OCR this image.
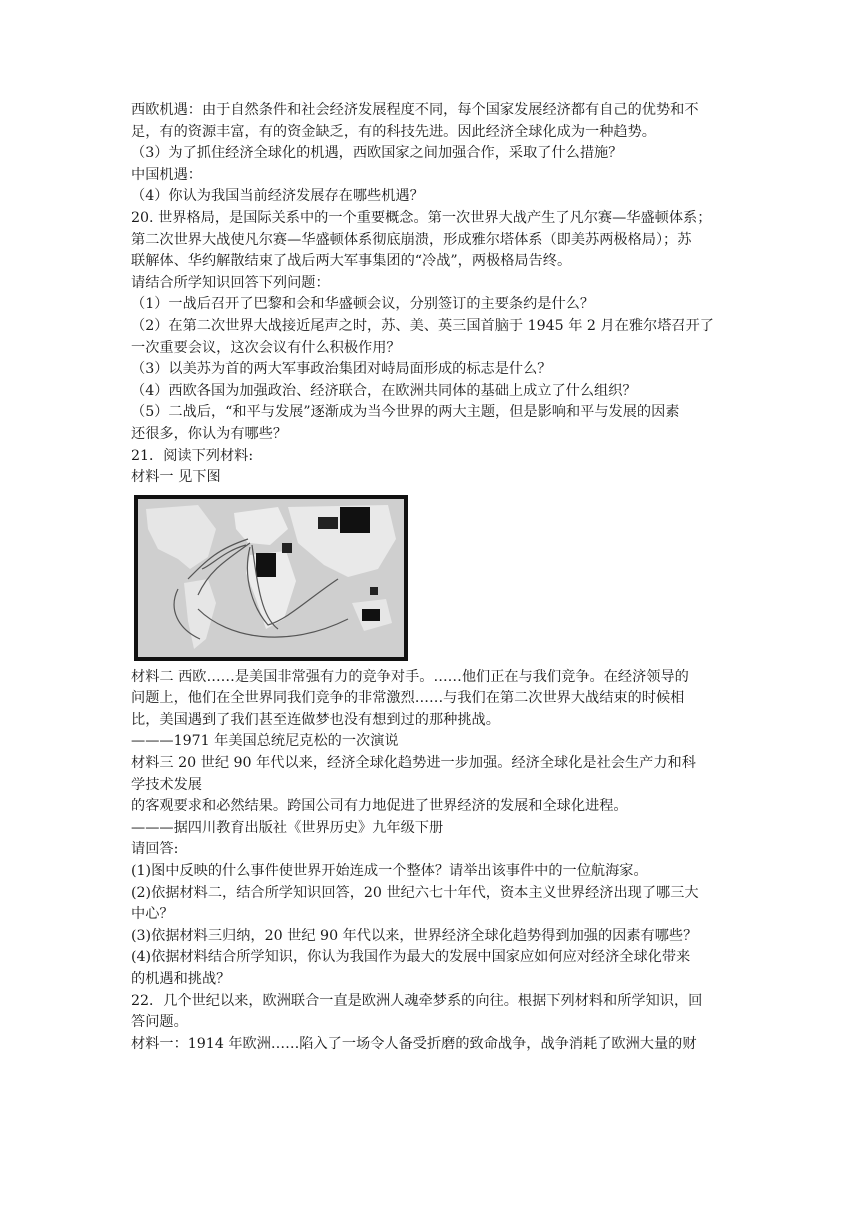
西欧机遇：由于自然条件和社会经济发展程度不同，每个国家发展经济都有自己的优势和不
足，有的资源丰富，有的资金缺乏，有的科技先进。因此经济全球化成为一种趋势。
（3）为了抓住经济全球化的机遇，西欧国家之间加强合作，采取了什么措施？
中国机遇：
（4）你认为我国当前经济发展存在哪些机遇？
20. 世界格局，是国际关系中的一个重要概念。第一次世界大战产生了凡尔赛—华盛顿体系；
第二次世界大战使凡尔赛—华盛顿体系彻底崩溃，形成雅尔塔体系（即美苏两极格局）；苏
联解体、华约解散结束了战后两大军事集团的“冷战”，两极格局告终。
请结合所学知识回答下列问题：
（1）一战后召开了巴黎和会和华盛顿会议，分别签订的主要条约是什么？
（2）在第二次世界大战接近尾声之时，苏、美、英三国首脑于 1945 年 2 月在雅尔塔召开了
一次重要会议，这次会议有什么积极作用？
（3）以美苏为首的两大军事政治集团对峙局面形成的标志是什么？
（4）西欧各国为加强政治、经济联合，在欧洲共同体的基础上成立了什么组织？
（5）二战后，“和平与发展”逐渐成为当今世界的两大主题，但是影响和平与发展的因素
还很多，你认为有哪些？
21．阅读下列材料:
材料一 见下图
材料二 西欧……是美国非常强有力的竞争对手。……他们正在与我们竞争。在经济领导的
问题上，他们在全世界同我们竞争的非常激烈……与我们在第二次世界大战结束的时候相
比，美国遇到了我们甚至连做梦也没有想到过的那种挑战。
———1971 年美国总统尼克松的一次演说
材料三 20 世纪 90 年代以来，经济全球化趋势进一步加强。经济全球化是社会生产力和科
学技术发展
的客观要求和必然结果。跨国公司有力地促进了世界经济的发展和全球化进程。
———据四川教育出版社《世界历史》九年级下册
请回答:
(1)图中反映的什么事件使世界开始连成一个整体？请举出该事件中的一位航海家。
(2)依据材料二，结合所学知识回答，20 世纪六七十年代，资本主义世界经济出现了哪三大
中心？
(3)依据材料三归纳，20 世纪 90 年代以来，世界经济全球化趋势得到加强的因素有哪些？
(4)依据材料结合所学知识，你认为我国作为最大的发展中国家应如何应对经济全球化带来
的机遇和挑战？
22．几个世纪以来，欧洲联合一直是欧洲人魂牵梦系的向往。根据下列材料和所学知识，回
答问题。
材料一：1914 年欧洲……陷入了一场令人备受折磨的致命战争，战争消耗了欧洲大量的财
